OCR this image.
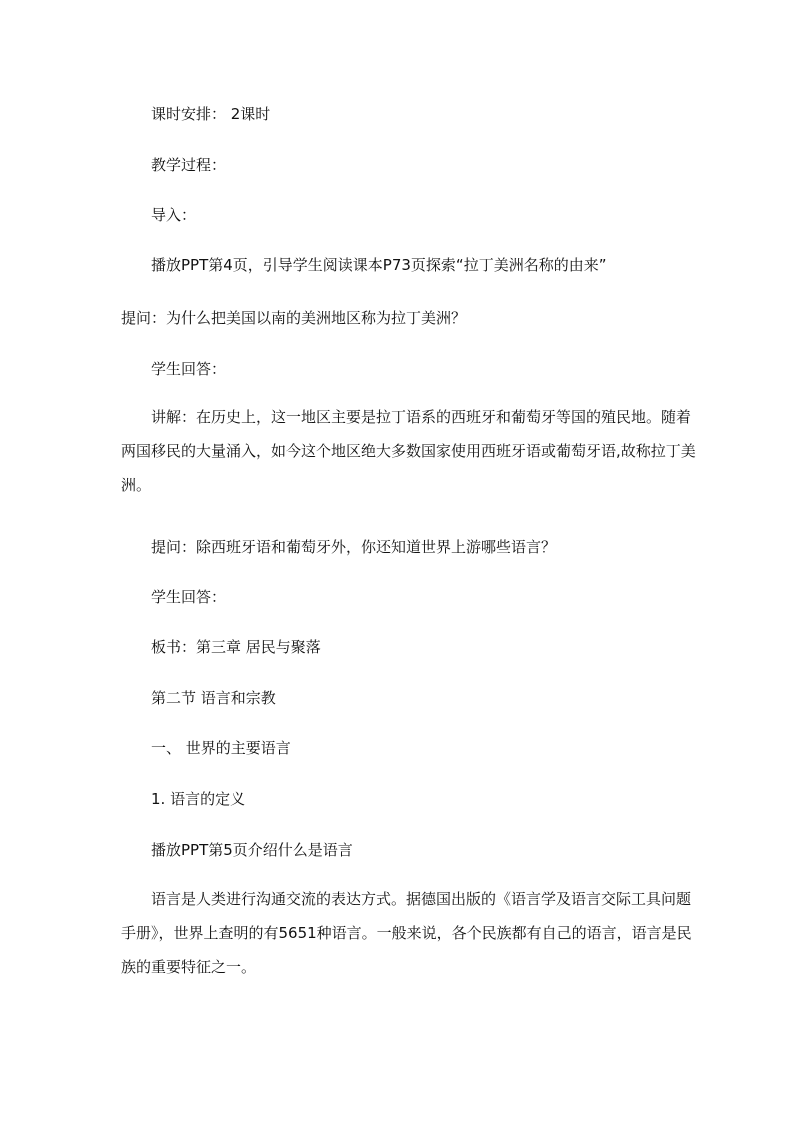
课时安排： 2课时

教学过程：

导入：

播放PPT第4页，引导学生阅读课本P73页探索“拉丁美洲名称的由来”

提问：为什么把美国以南的美洲地区称为拉丁美洲？

学生回答：

讲解：在历史上，这一地区主要是拉丁语系的西班牙和葡萄牙等国的殖民地。随着两国移民的大量涌入，如今这个地区绝大多数国家使用西班牙语或葡萄牙语,故称拉丁美洲。

提问：除西班牙语和葡萄牙外，你还知道世界上游哪些语言？

学生回答：

板书：第三章 居民与聚落

第二节 语言和宗教

一、 世界的主要语言

1. 语言的定义

播放PPT第5页介绍什么是语言

语言是人类进行沟通交流的表达方式。据德国出版的《语言学及语言交际工具问题手册》，世界上查明的有5651种语言。一般来说，各个民族都有自己的语言，语言是民族的重要特征之一。
